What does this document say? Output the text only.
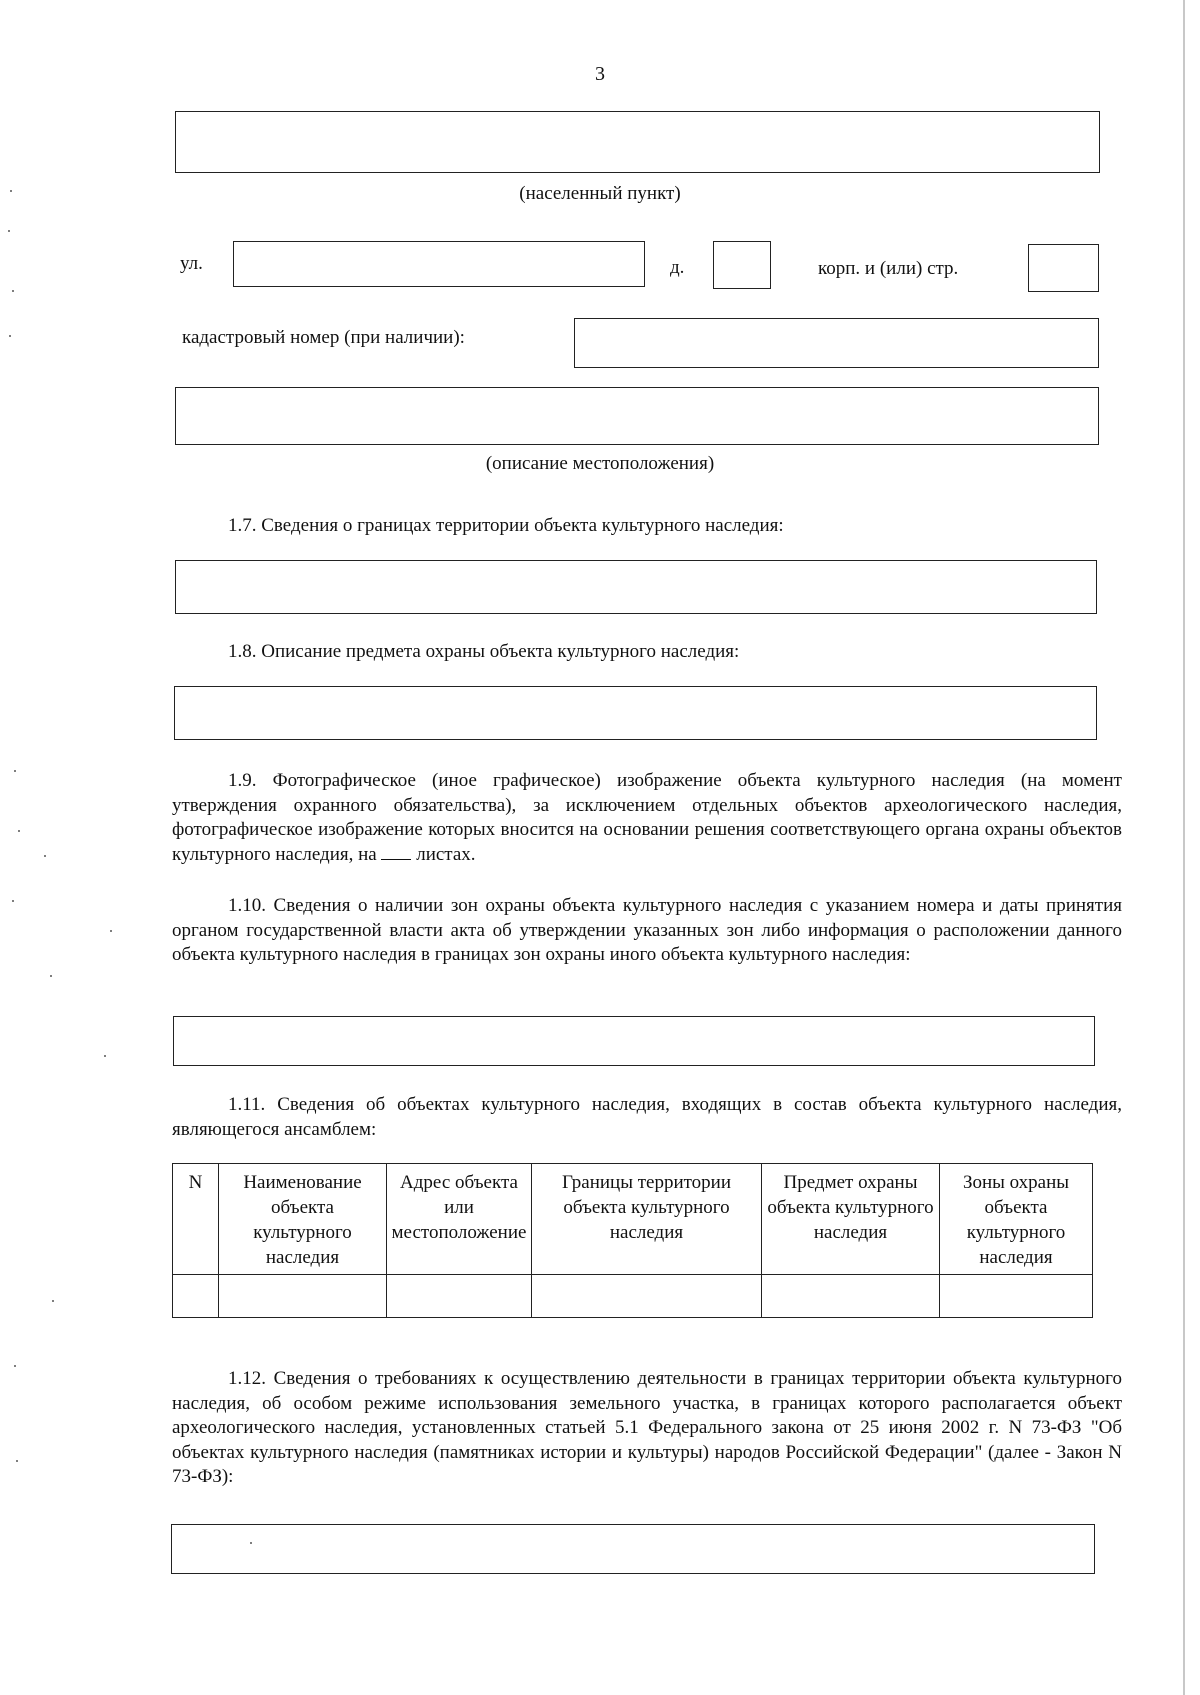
3
(населенный пункт)
ул.	д.	корп. и (или) стр.
кадастровый номер (при наличии):
(описание местоположения)
1.7. Сведения о границах территории объекта культурного наследия:
1.8. Описание предмета охраны объекта культурного наследия:

1.9. Фотографическое (иное графическое) изображение объекта культурного наследия (на момент утверждения охранного обязательства), за исключением отдельных объектов археологического наследия, фотографическое изображение которых вносится на основании решения соответствующего органа охраны объектов культурного наследия, на листах.

1.10. Сведения о наличии зон охраны объекта культурного наследия с указанием номера и даты принятия органом государственной власти акта об утверждении указанных зон либо информация о расположении данного объекта культурного наследия в границах зон охраны иного объекта культурного наследия:

1.11. Сведения об объектах культурного наследия, входящих в состав объекта культурного наследия, являющегося ансамблем:

N	Наименование объекта культурного наследия	Адрес объекта или местоположение	Границы территории объекта культурного наследия	Предмет охраны объекта культурного наследия	Зоны охраны объекта культурного наследия

1.12. Сведения о требованиях к осуществлению деятельности в границах территории объекта культурного наследия, об особом режиме использования земельного участка, в границах которого располагается объект археологического наследия, установленных статьей 5.1 Федерального закона от 25 июня 2002 г. N 73-ФЗ "Об объектах культурного наследия (памятниках истории и культуры) народов Российской Федерации" (далее - Закон N 73-ФЗ):
